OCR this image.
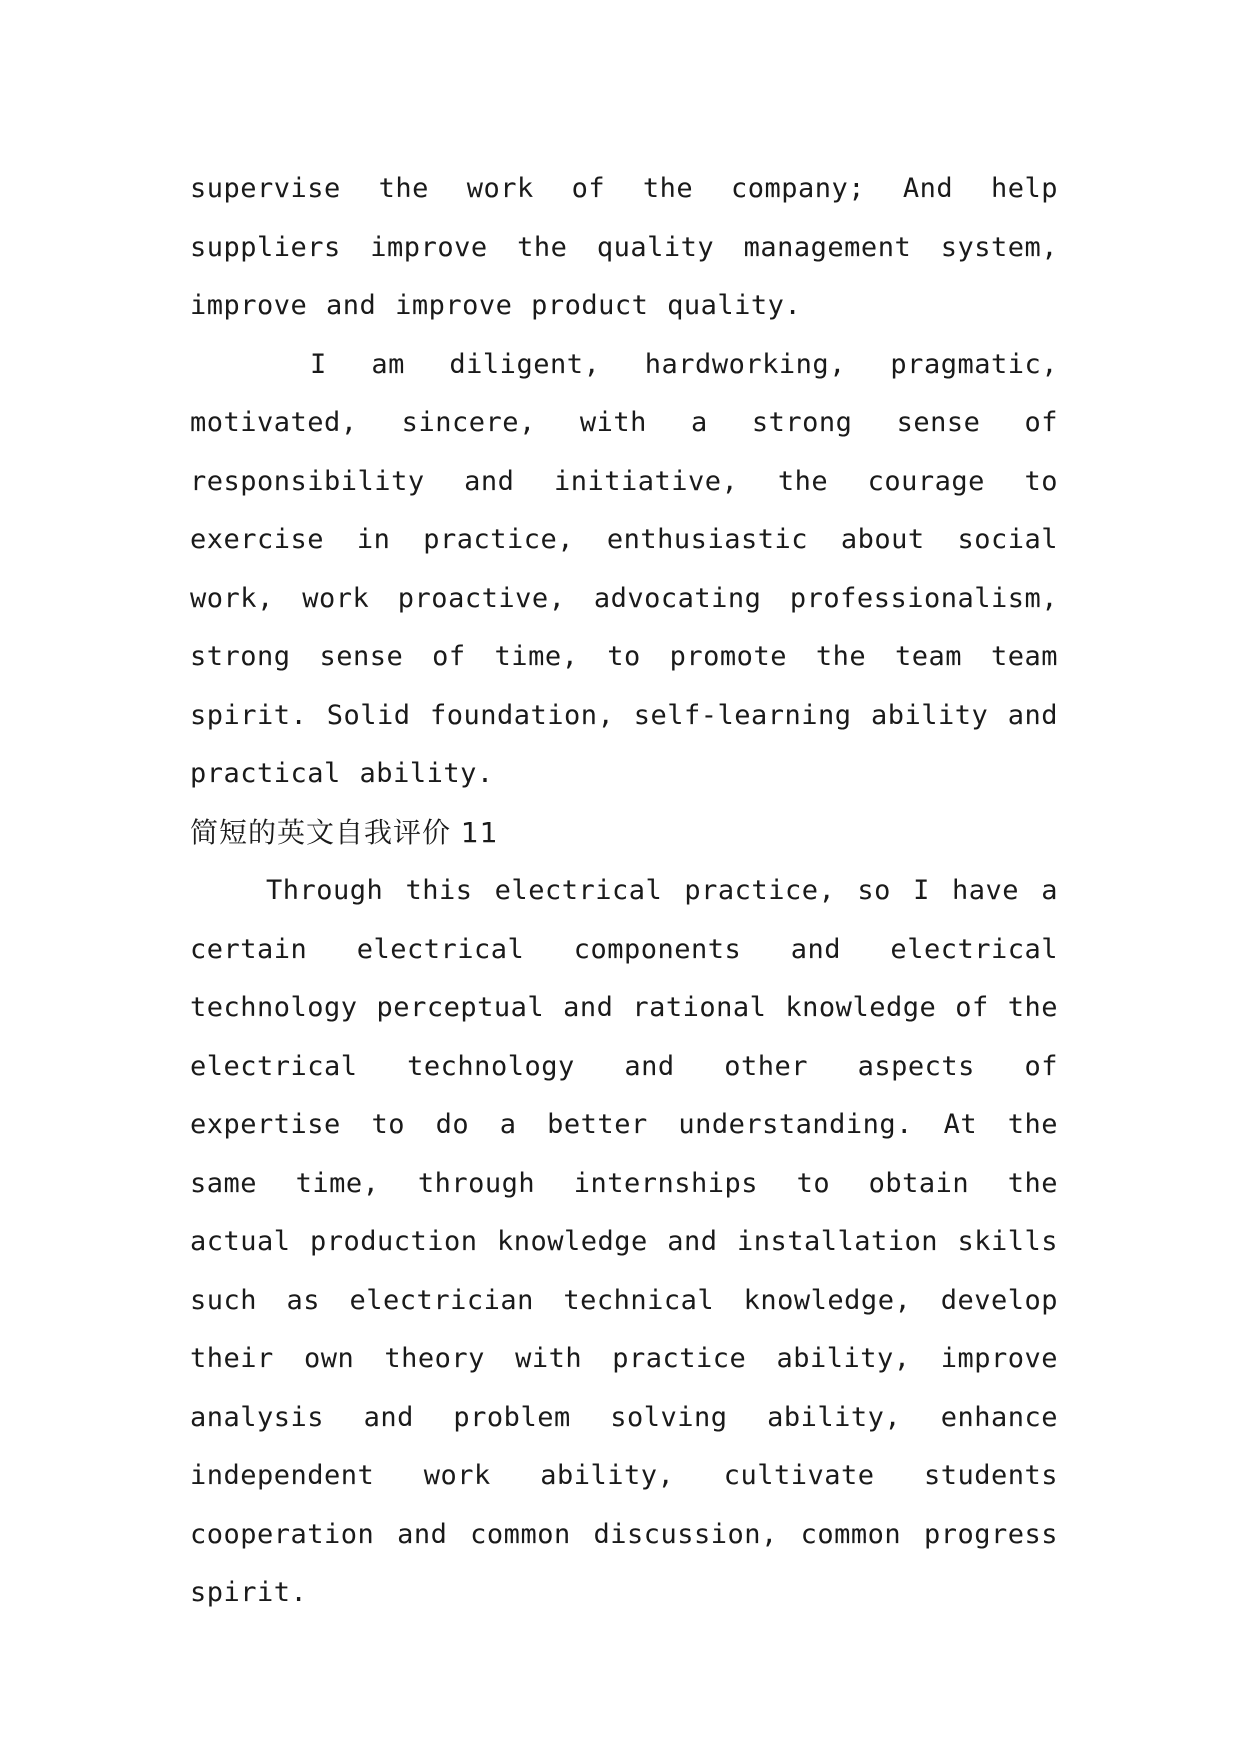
supervise the work of the company; And help suppliers improve the quality management system, improve and improve product quality.

I am diligent, hardworking, pragmatic, motivated, sincere, with a strong sense of responsibility and initiative, the courage to exercise in practice, enthusiastic about social work, work proactive, advocating professionalism, strong sense of time, to promote the team team spirit. Solid foundation, self-learning ability and practical ability.

简短的英文自我评价 11

Through this electrical practice, so I have a certain electrical components and electrical technology perceptual and rational knowledge of the electrical technology and other aspects of expertise to do a better understanding. At the same time, through internships to obtain the actual production knowledge and installation skills such as electrician technical knowledge, develop their own theory with practice ability, improve analysis and problem solving ability, enhance independent work ability, cultivate students cooperation and common discussion, common progress spirit.
